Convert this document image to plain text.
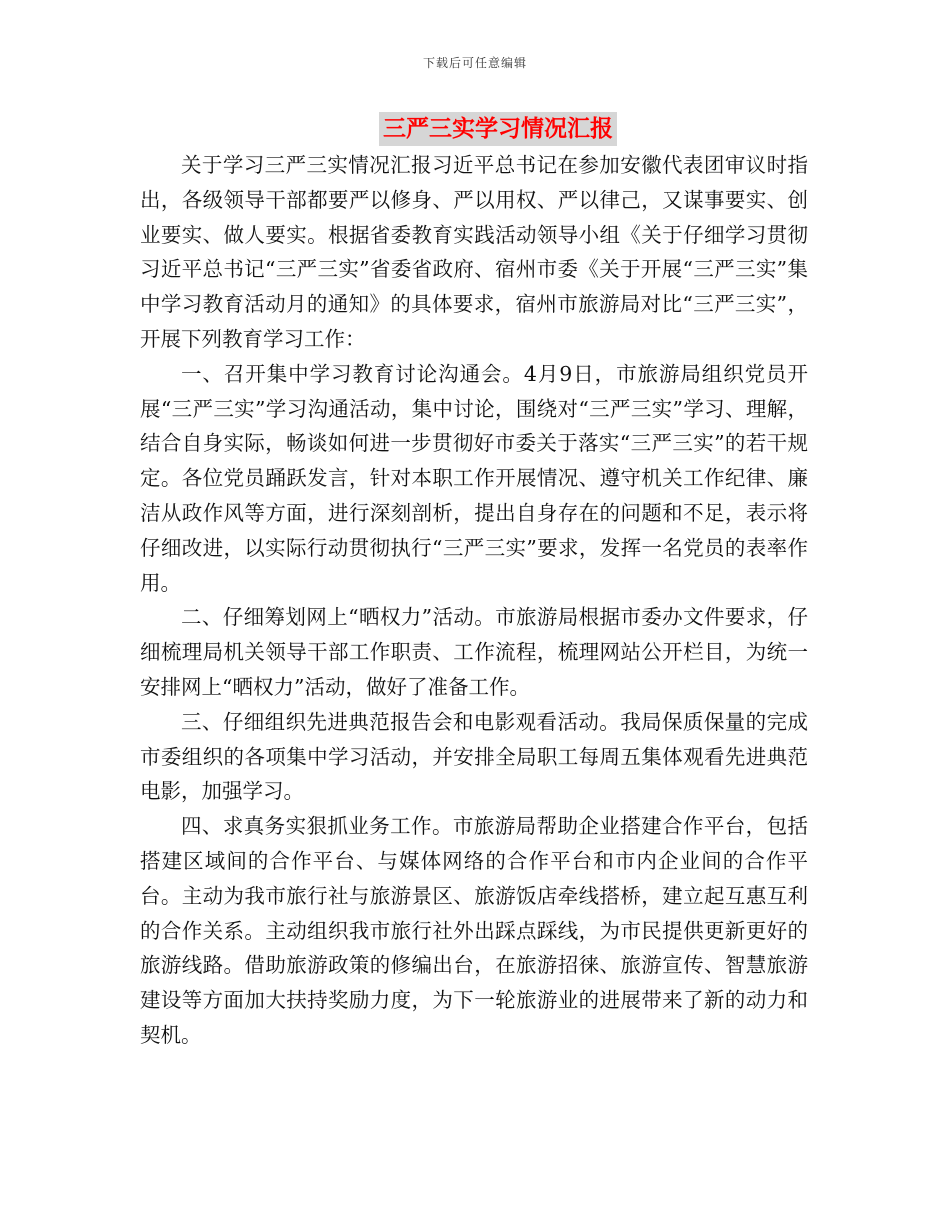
下载后可任意编辑
三严三实学习情况汇报

关于学习三严三实情况汇报习近平总书记在参加安徽代表团审议时指出，各级领导干部都要严以修身、严以用权、严以律己，又谋事要实、创业要实、做人要实。根据省委教育实践活动领导小组《关于仔细学习贯彻习近平总书记“三严三实”省委省政府、宿州市委《关于开展“三严三实”集中学习教育活动月的通知》的具体要求，宿州市旅游局对比“三严三实”，开展下列教育学习工作：

一、召开集中学习教育讨论沟通会。4月9日，市旅游局组织党员开展“三严三实”学习沟通活动，集中讨论，围绕对“三严三实”学习、理解，结合自身实际，畅谈如何进一步贯彻好市委关于落实“三严三实”的若干规定。各位党员踊跃发言，针对本职工作开展情况、遵守机关工作纪律、廉洁从政作风等方面，进行深刻剖析，提出自身存在的问题和不足，表示将仔细改进，以实际行动贯彻执行“三严三实”要求，发挥一名党员的表率作用。

二、仔细筹划网上“晒权力”活动。市旅游局根据市委办文件要求，仔细梳理局机关领导干部工作职责、工作流程，梳理网站公开栏目，为统一安排网上“晒权力”活动，做好了准备工作。

三、仔细组织先进典范报告会和电影观看活动。我局保质保量的完成市委组织的各项集中学习活动，并安排全局职工每周五集体观看先进典范电影，加强学习。

四、求真务实狠抓业务工作。市旅游局帮助企业搭建合作平台，包括搭建区域间的合作平台、与媒体网络的合作平台和市内企业间的合作平台。主动为我市旅行社与旅游景区、旅游饭店牵线搭桥，建立起互惠互利的合作关系。主动组织我市旅行社外出踩点踩线，为市民提供更新更好的旅游线路。借助旅游政策的修编出台，在旅游招徕、旅游宣传、智慧旅游建设等方面加大扶持奖励力度，为下一轮旅游业的进展带来了新的动力和契机。
